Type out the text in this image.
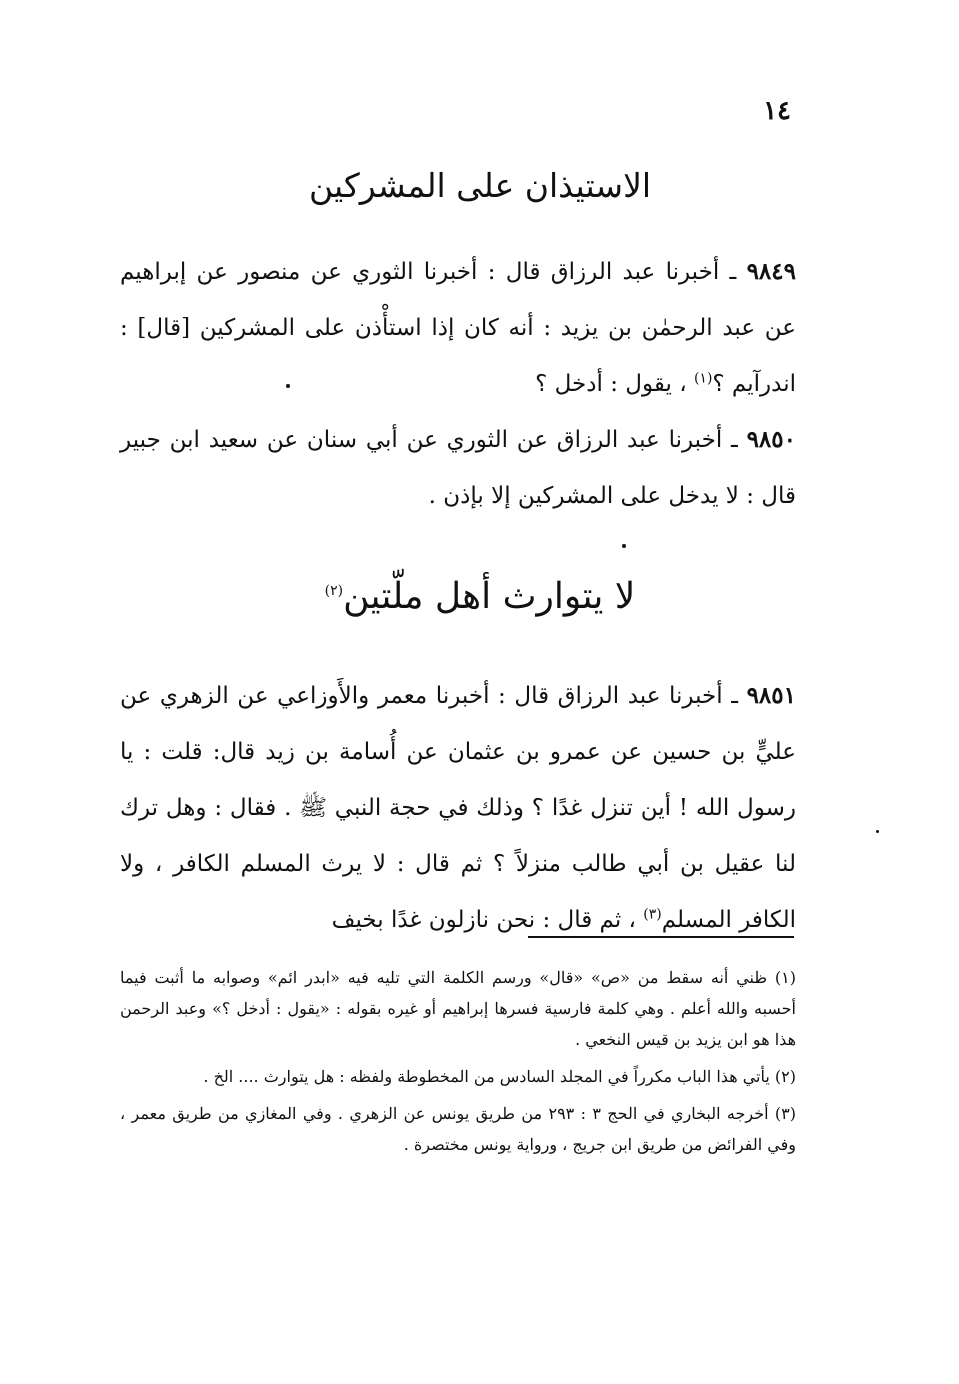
١٤
الاستيذان على المشركين
٩٨٤٩ ـ أخبرنا عبد الرزاق قال : أخبرنا الثوري عن منصور عن إبراهيم عن عبد الرحمٰن بن يزيد : أنه كان إذا استأْذن على المشركين [قال] : اندرآيم ؟$^{(١)}$ ، يقول : أدخل ؟
٩٨٥٠ ـ أخبرنا عبد الرزاق عن الثوري عن أبي سنان عن سعيد ابن جبير قال : لا يدخل على المشركين إلا بإذن .
لا يتوارث أهل ملّتين$^{(٢)}$
٩٨٥١ ـ أخبرنا عبد الرزاق قال : أخبرنا معمر والأَوزاعي عن الزهري عن عليٍّ بن حسين عن عمرو بن عثمان عن أُسامة بن زيد قال: قلت : يا رسول الله ! أين تنزل غدًا ؟ وذلك في حجة النبي ﷺ . فقال : وهل ترك لنا عقيل بن أبي طالب منزلاً ؟ ثم قال : لا يرث المسلم الكافر ، ولا الكافر المسلم$^{(٣)}$ ، ثم قال : نحن نازلون غدًا بخيف
(١) ظني أنه سقط من «ص» «قال» ورسم الكلمة التي تليه فيه «ابدر ائم» وصوابه ما أثبت فيما أحسبه والله أعلم . وهي كلمة فارسية فسرها إبراهيم أو غيره بقوله : «يقول : أدخل ؟» وعبد الرحمن هذا هو ابن يزيد بن قيس النخعي .
(٢) يأتي هذا الباب مكرراً في المجلد السادس من المخطوطة ولفظه : هل يتوارث .... الخ .
(٣) أخرجه البخاري في الحج ٣ : ٢٩٣ من طريق يونس عن الزهري . وفي المغازي من طريق معمر ، وفي الفرائض من طريق ابن جريج ، ورواية يونس مختصرة .
